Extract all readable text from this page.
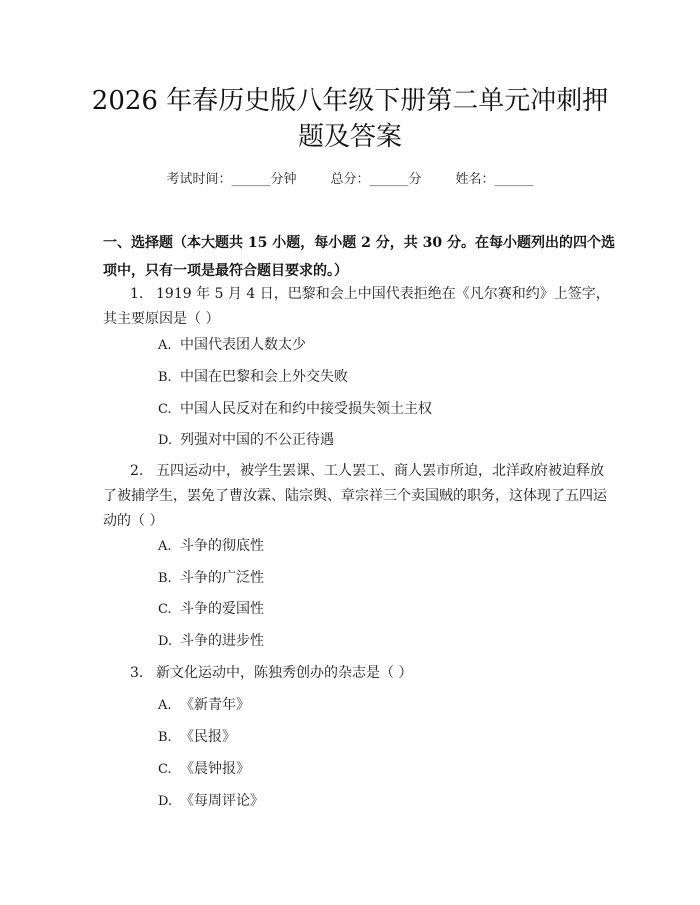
2026 年春历史版八年级下册第二单元冲刺押
题及答案
考试时间：______分钟	总分：______分	姓名：______
一、选择题（本大题共 15 小题，每小题 2 分，共 30 分。在每小题列出的四个选
项中，只有一项是最符合题目要求的。）
1. 1919 年 5 月 4 日，巴黎和会上中国代表拒绝在《凡尔赛和约》上签字，
其主要原因是（ ）
A. 中国代表团人数太少
B. 中国在巴黎和会上外交失败
C. 中国人民反对在和约中接受损失领土主权
D. 列强对中国的不公正待遇
2. 五四运动中，被学生罢课、工人罢工、商人罢市所迫，北洋政府被迫释放
了被捕学生，罢免了曹汝霖、陆宗舆、章宗祥三个卖国贼的职务，这体现了五四运
动的（ ）
A. 斗争的彻底性
B. 斗争的广泛性
C. 斗争的爱国性
D. 斗争的进步性
3. 新文化运动中，陈独秀创办的杂志是（ ）
A. 《新青年》
B. 《民报》
C. 《晨钟报》
D. 《每周评论》
